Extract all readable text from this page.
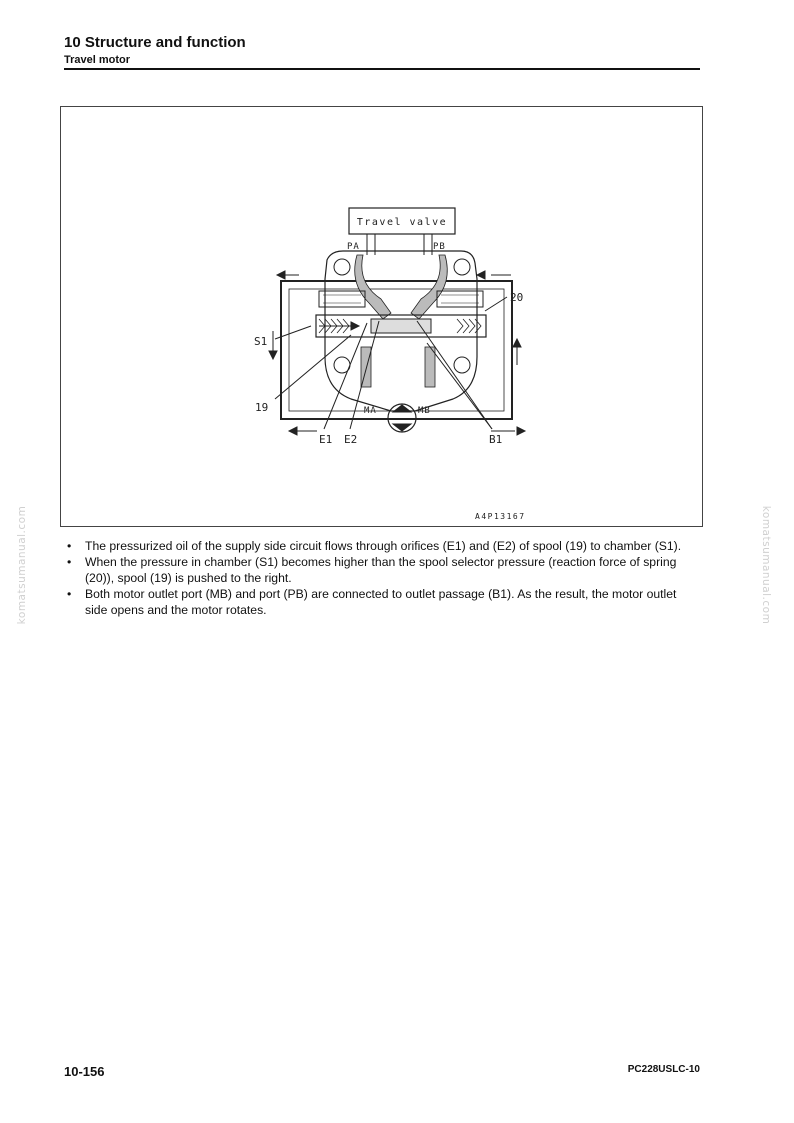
10 Structure and function
Travel motor
Travel valve
PA	PB
MA	MB
20
S1
19
E1 E2	B1
A4P13167
• The pressurized oil of the supply side circuit flows through orifices (E1) and (E2) of spool (19) to chamber (S1).
• When the pressure in chamber (S1) becomes higher than the spool selector pressure (reaction force of spring (20)), spool (19) is pushed to the right.
• Both motor outlet port (MB) and port (PB) are connected to outlet passage (B1). As the result, the motor outlet side opens and the motor rotates.
komatsumanual.com	komatsumanual.com
10-156	PC228USLC-10
